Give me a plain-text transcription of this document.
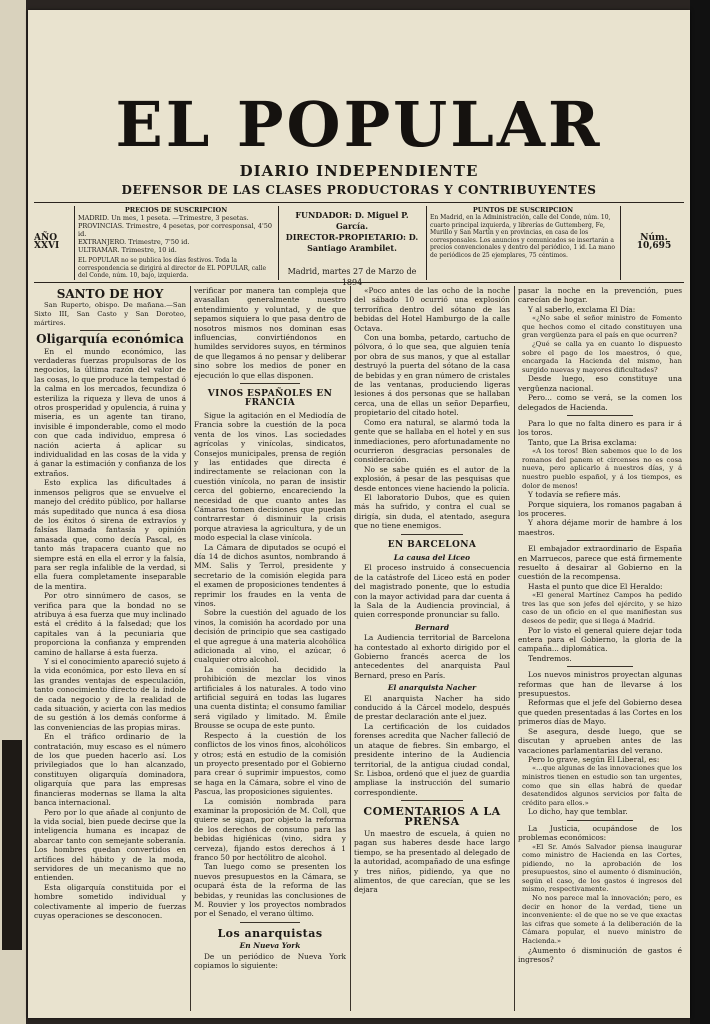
EL POPULAR
DIARIO INDEPENDIENTE
DEFENSOR DE LAS CLASES PRODUCTORAS Y CONTRIBUYENTES
AÑO XXVI
PRECIOS DE SUSCRIPCION
MADRID. Un mes, 1 peseta. —Trimestre, 3 pesetas.
PROVINCIAS. Trimestre, 4 pesetas, por corresponsal, 4'50 id.
EXTRANJERO. Trimestre, 7'50 id.
ULTRAMAR. Trimestre, 10 id.
EL POPULAR no se publica los días festivos. Toda la correspondencia se dirigirá al director de EL POPULAR, calle del Conde, núm. 10, bajo, izquierda.
FUNDADOR: D. Miguel P. García.
DIRECTOR-PROPIETARIO: D. Santiago Arambilet.
Madrid, martes 27 de Marzo de 1894
PUNTOS DE SUSCRIPCION
En Madrid, en la Administración, calle del Conde, núm. 10, cuarto principal izquierda, y librerías de Guttemberg, Fe, Murillo y San Martín y en provincias, en casa de los corresponsales. Los anuncios y comunicados se insertarán a precios convencionales y dentro del periódico, 1 id. La mano de periódicos de 25 ejemplares, 75 céntimos.
Núm. 10,695
SANTO DE HOY

San Ruperto, obispo. De mañana.—San Sixto III, San Casto y San Doroteo, mártires.

Oligarquía económica

En el mundo económico, las verdaderas fuerzas propulsoras de los negocios, la última razón del valor de las cosas, lo que produce la tempestad ó la calma en los mercados, fecundiza ó esteriliza la riqueza y lleva de unos á otros prosperidad y opulencia, á ruina y miseria, es un agente tan tirano, invisible é imponderable, como el modo con que cada individuo, empresa ó nación acierta á aplicar su individualidad en las cosas de la vida y á ganar la estimación y confianza de los extraños.

Esto explica las dificultades á inmensos peligros que se envuelve el manejo del crédito público, por hallarse más supeditado que nunca á esa diosa de los éxitos ó sirena de extravíos y falsías llamada fantasía y opinión amasada que, como decía Pascal, es tanto más trapacera cuanto que no siempre está en ella el error y la falsía, para ser regla infalible de la verdad, si ella fuera completamente inseparable de la mentira.

Por otro sinnúmero de casos, se verifica para que la bondad no se atribuya á esa fuerza que muy inclinado está el crédito á la falsedad; que los capitales van á la pecuniaria que proporciona la confianza y emprenden camino de hallarse á esta fuerza.

Y si el conocimiento apareció sujeto á la vida económica, por esto lleva en sí las grandes ventajas de especulación, tanto conocimiento directo de la índole de cada negocio y de la realidad de cada situación, y acierta con las medios de su gestión á los demás conforme á las conveniencias de las propias miras.

En el tráfico ordinario de la contratación, muy escaso es el número de los que pueden hacerlo así. Los privilegiados que lo han alcanzado, constituyen oligarquía dominadora, oligarquía que para las empresas financieras modernas se llama la alta banca internacional.

Pero por lo que añade al conjunto de la vida social, bien puede decirse que la inteligencia humana es incapaz de abarcar tanto con semejante soberanía. Los hombres quedan convertidos en artífices del hábito y de la moda, servidores de un mecanismo que no entienden.

Esta oligarquía constituida por el hombre sometido individual y colectivamente al imperio de fuerzas cuyas operaciones se desconocen.

verificar por manera tan compleja que avasallan generalmente nuestro entendimiento y voluntad, y de que sepamos siquiera lo que pasa dentro de nosotros mismos nos dominan esas influencias, convirtiéndonos en humildes servidores suyos, en términos de que llegamos á no pensar y deliberar sino sobre los medios de poner en ejecución lo que ellas disponen.

VINOS ESPAÑOLES EN FRANCIA

Sigue la agitación en el Mediodía de Francia sobre la cuestión de la poca venta de los vinos. Las sociedades agrícolas y vinícolas, sindicatos, Consejos municipales, prensa de región y las entidades que directa é indirectamente se relacionan con la cuestión vinícola, no paran de insistir cerca del gobierno, encareciendo la necesidad de que cuanto antes las Cámaras tomen decisiones que puedan contrarrestar ó disminuir la crisis porque atraviesa la agricultura, y de un modo especial la clase vinícola.

La Cámara de diputados se ocupó el día 14 de dichos asuntos, nombrando á MM. Salis y Terrol, presidente y secretario de la comisión elegida para el examen de proposiciones tendentes á reprimir los fraudes en la venta de vinos.

Sobre la cuestión del aguado de los vinos, la comisión ha acordado por una decisión de principio que sea castigado el que agregue á una materia alcohólica adicionada al vino, el azúcar, ó cualquier otro alcohol.

La comisión ha decidido la prohibición de mezclar los vinos artificiales á los naturales. A todo vino artificial seguirá en todas las lugares una cuenta distinta; el consumo familiar será vigilado y limitado. M. Émile Brousse se ocupa de este punto.

Respecto á la cuestión de los conflictos de los vinos finos, alcohólicos y otros; está en estudio de la comisión un proyecto presentado por el Gobierno para crear ó suprimir impuestos, como se haga en la Cámara, sobre el vino de Pascua, las proposiciones siguientes.

La comisión nombrada para examinar la proposición de M. Coll, que quiere se sigan, por objeto la reforma de los derechos de consumo para las bebidas higiénicas (vino, sidra y cerveza), fijando estos derechos á 1 franco 50 por hectólitro de alcohol.

Tan luego como se presenten los nuevos presupuestos en la Cámara, se ocupará ésta de la reforma de las bebidas, y reunidas las conclusiones de M. Rouvier y los proyectos nombrados por el Senado, el verano último.

Los anarquistas
En Nueva York

De un periódico de Nueva York copiamos lo siguiente:

«Poco antes de las ocho de la noche del sábado 10 ocurrió una explosión terrorífica dentro del sótano de las bebidas del Hotel Hamburgo de la calle Octava.

Con una bomba, petardo, cartucho de pólvora, ó lo que sea, que alguien tenía por obra de sus manos, y que al estallar destruyó la puerta del sótano de la casa de bebidas y en gran número de cristales de las ventanas, produciendo ligeras lesiones á dos personas que se hallaban cerca, una de ellas un señor Deparfieu, propietario del citado hotel.

Como era natural, se alarmó toda la gente que se hallaba en el hotel y en sus inmediaciones, pero afortunadamente no ocurrieron desgracias personales de consideración.

No se sabe quién es el autor de la explosión, á pesar de las pesquisas que desde entonces viene haciendo la policía.

El laboratorio Dubos, que es quien más ha sufrido, y contra el cual se dirigía, sin duda, el atentado, asegura que no tiene enemigos.

EN BARCELONA
La causa del Liceo

El proceso instruido á consecuencia de la catástrofe del Liceo está en poder del magistrado ponente, que lo estudia con la mayor actividad para dar cuenta á la Sala de la Audiencia provincial, á quien corresponde pronunciar su fallo.

Bernard

La Audiencia territorial de Barcelona ha contestado al exhorto dirigido por el Gobierno francés acerca de los antecedentes del anarquista Paul Bernard, preso en París.

El anarquista Nacher

El anarquista Nacher ha sido conducido á la Cárcel modelo, después de prestar declaración ante el juez.

La certificación de los cuidados forenses acredita que Nacher falleció de un ataque de fiebres. Sin embargo, el presidente interino de la Audiencia territorial, de la antigua ciudad condal, Sr. Lisboa, ordenó que el juez de guardia ampliase la instrucción del sumario correspondiente.

COMENTARIOS A LA PRENSA

Un maestro de escuela, á quien no pagan sus haberes desde hace largo tiempo, se ha presentado al delegado de la autoridad, acompañado de una esfinge y tres niños, pidiendo, ya que no alimentos, de que carecían, que se les dejara

pasar la noche en la prevención, pues carecían de hogar.

Y al saberlo, exclama El Día:

«¿No sabe el señor ministro de Fomento que hechos como el citado constituyen una gran vergüenza para el país en que ocurren?

¿Qué se calla ya en cuanto lo dispuesto sobre el pago de los maestros, ó que, encargada la Hacienda del mismo, han surgido nuevas y mayores dificultades?

Desde luego, eso constituye una vergüenza nacional.

Pero... como se verá, se la comen los delegados de Hacienda.

Para lo que no falta dinero es para ir á los toros.

Tanto, que La Brisa exclama:

«A los toros! Bien sabemos que lo de los romanos del panem et circenses no es cosa nueva, pero aplicarlo á nuestros días, y á nuestro pueblo español, y á los tiempos, es dolor de menos!

Y todavía se refiere más.

Porque siquiera, los romanos pagaban á los proceres.

Y ahora déjame morir de hambre á los maestros.

El embajador extraordinario de España en Marruecos, parece que está firmemente resuelto á desairar al Gobierno en la cuestión de la recompensa.

Hasta el punto que dice El Heraldo:

«El general Martínez Campos ha pedido tres las que son jefes del ejército, y se hizo caso de un oficio en el que manifiestan sus deseos de pedir, que si llega á Madrid.

Por lo visto el general quiere dejar toda entera para el Gobierno, la gloria de la campaña... diplomática.

Tendremos.

Los nuevos ministros proyectan algunas reformas que han de llevarse á los presupuestos.

Reformas que el jefe del Gobierno desea que queden presentadas á las Cortes en los primeros días de Mayo.

Se asegura, desde luego, que se discutan y aprueben antes de las vacaciones parlamentarias del verano.

Pero lo grave, según El Liberal, es:

«...que algunas de las innovaciones que los ministros tienen en estudio son tan urgentes, como que sin ellas habrá de quedar desatendidos algunos servicios por falta de crédito para ellos.»

Lo dicho, hay que temblar.

La Justicia, ocupándose de los problemas económicos:

«El Sr. Amós Salvador piensa inaugurar como ministro de Hacienda en las Cortes, pidiendo, no la aprobación de los presupuestos, sino el aumento ó disminución, según el caso, de los gastos é ingresos del mismo, respectivamente.

No nos parece mal la innovación; pero, es decir en honor de la verdad, tiene un inconveniente: el de que no se ve que exactas las cifras que somete á la deliberación de la Cámara popular, el nuevo ministro de Hacienda.»

¿Aumento ó disminución de gastos é ingresos?
